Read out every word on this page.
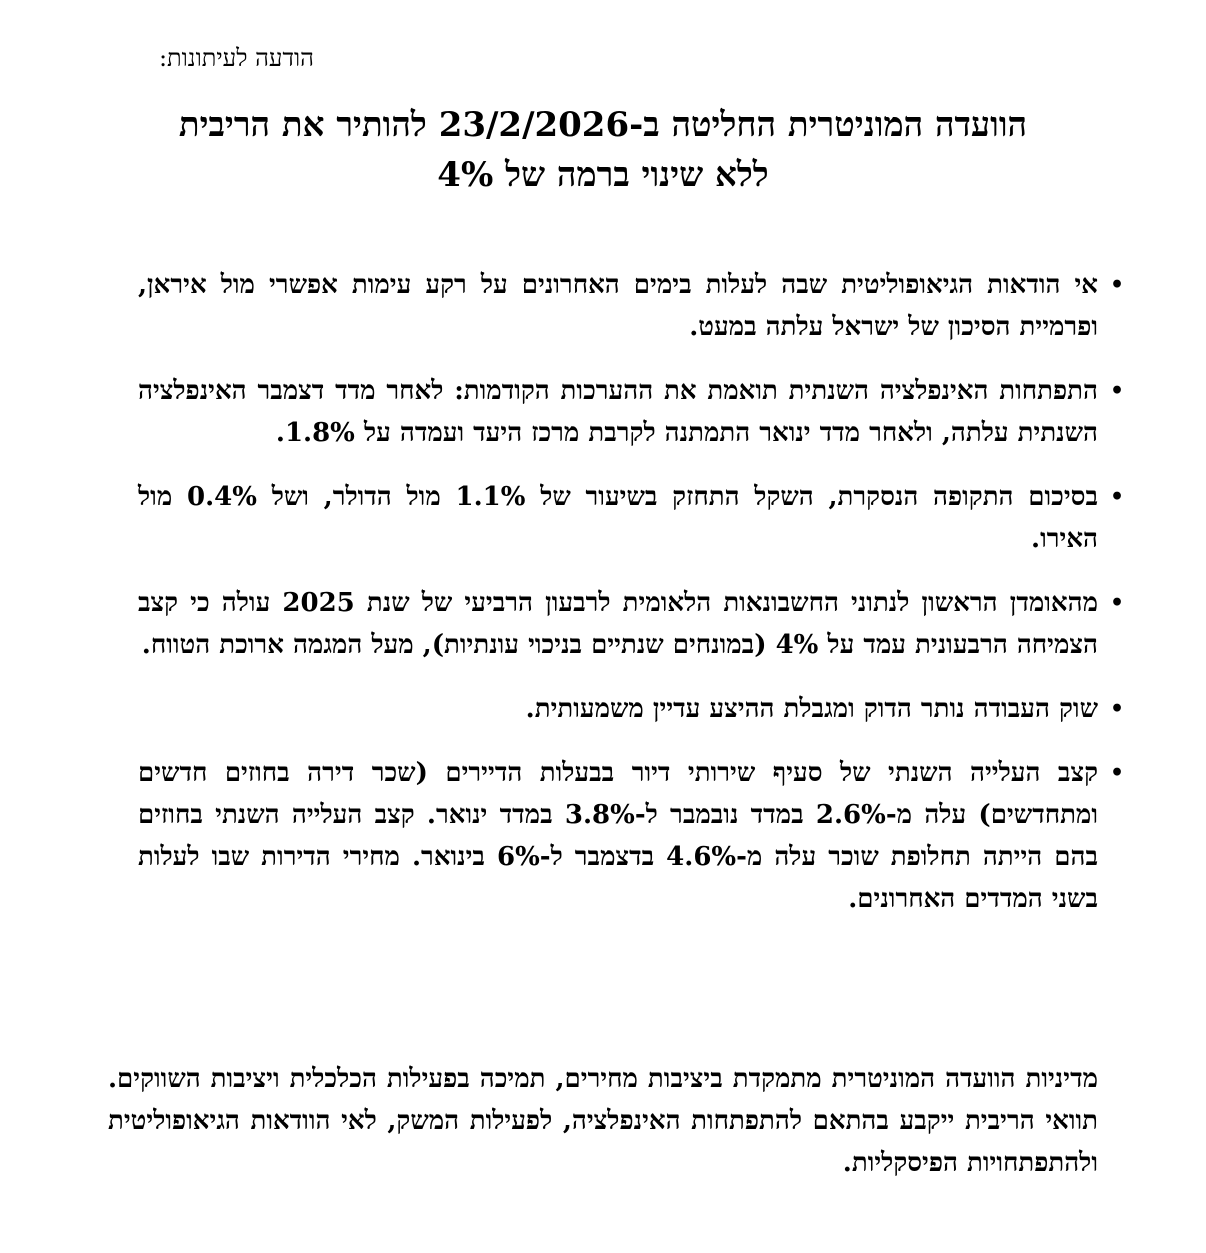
הודעה לעיתונות:
הוועדה המוניטרית החליטה ב-23/2/2026 להותיר את הריבית
ללא שינוי ברמה של 4%
•
אי הודאות הגיאופוליטית שבה לעלות בימים האחרונים על רקע עימות אפשרי מול איראן, ופרמיית הסיכון של ישראל עלתה במעט.
•
התפתחות האינפלציה השנתית תואמת את ההערכות הקודמות: לאחר מדד דצמבר האינפלציה השנתית עלתה, ולאחר מדד ינואר התמתנה לקרבת מרכז היעד ועמדה על 1.8%.
•
בסיכום התקופה הנסקרת, השקל התחזק בשיעור של 1.1% מול הדולר, ושל 0.4% מול האירו.
•
מהאומדן הראשון לנתוני החשבונאות הלאומית לרבעון הרביעי של שנת 2025 עולה כי קצב הצמיחה הרבעונית עמד על 4% (במונחים שנתיים בניכוי עונתיות), מעל המגמה ארוכת הטווח.
•
שוק העבודה נותר הדוק ומגבלת ההיצע עדיין משמעותית.
•
קצב העלייה השנתי של סעיף שירותי דיור בבעלות הדיירים (שכר דירה בחוזים חדשים ומתחדשים) עלה מ-2.6% במדד נובמבר ל-3.8% במדד ינואר. קצב העלייה השנתי בחוזים בהם הייתה תחלופת שוכר עלה מ-4.6% בדצמבר ל-6% בינואר. מחירי הדירות שבו לעלות בשני המדדים האחרונים.
מדיניות הוועדה המוניטרית מתמקדת ביציבות מחירים, תמיכה בפעילות הכלכלית ויציבות השווקים. תוואי הריבית ייקבע בהתאם להתפתחות האינפלציה, לפעילות המשק, לאי הוודאות הגיאופוליטית ולהתפתחויות הפיסקליות.
